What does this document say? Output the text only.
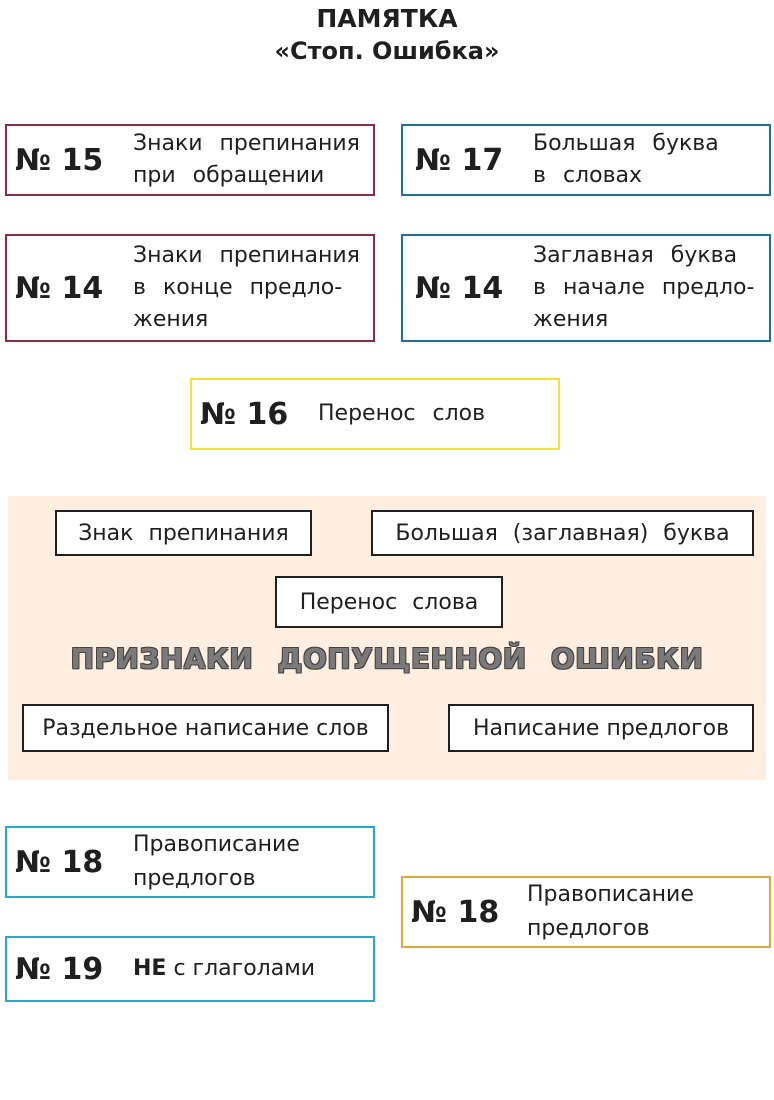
ПАМЯТКА
«Стоп. Ошибка»
№ 15	Знаки препинания
при обращении	№ 17	Большая буква
в словах
№ 14
Знаки препинания
в конце предло-
жения
№ 14
Заглавная буква
в начале предло-
жения
№ 16	Перенос слов
Знак препинания	Большая (заглавная) буква
Перенос слова
ПРИЗНАКИ ДОПУЩЕННОЙ ОШИБКИ
Раздельное написание слов	Написание предлогов
№ 18	Правописание
предлогов
№ 19	НЕ с глаголами
№ 18	Правописание
предлогов
